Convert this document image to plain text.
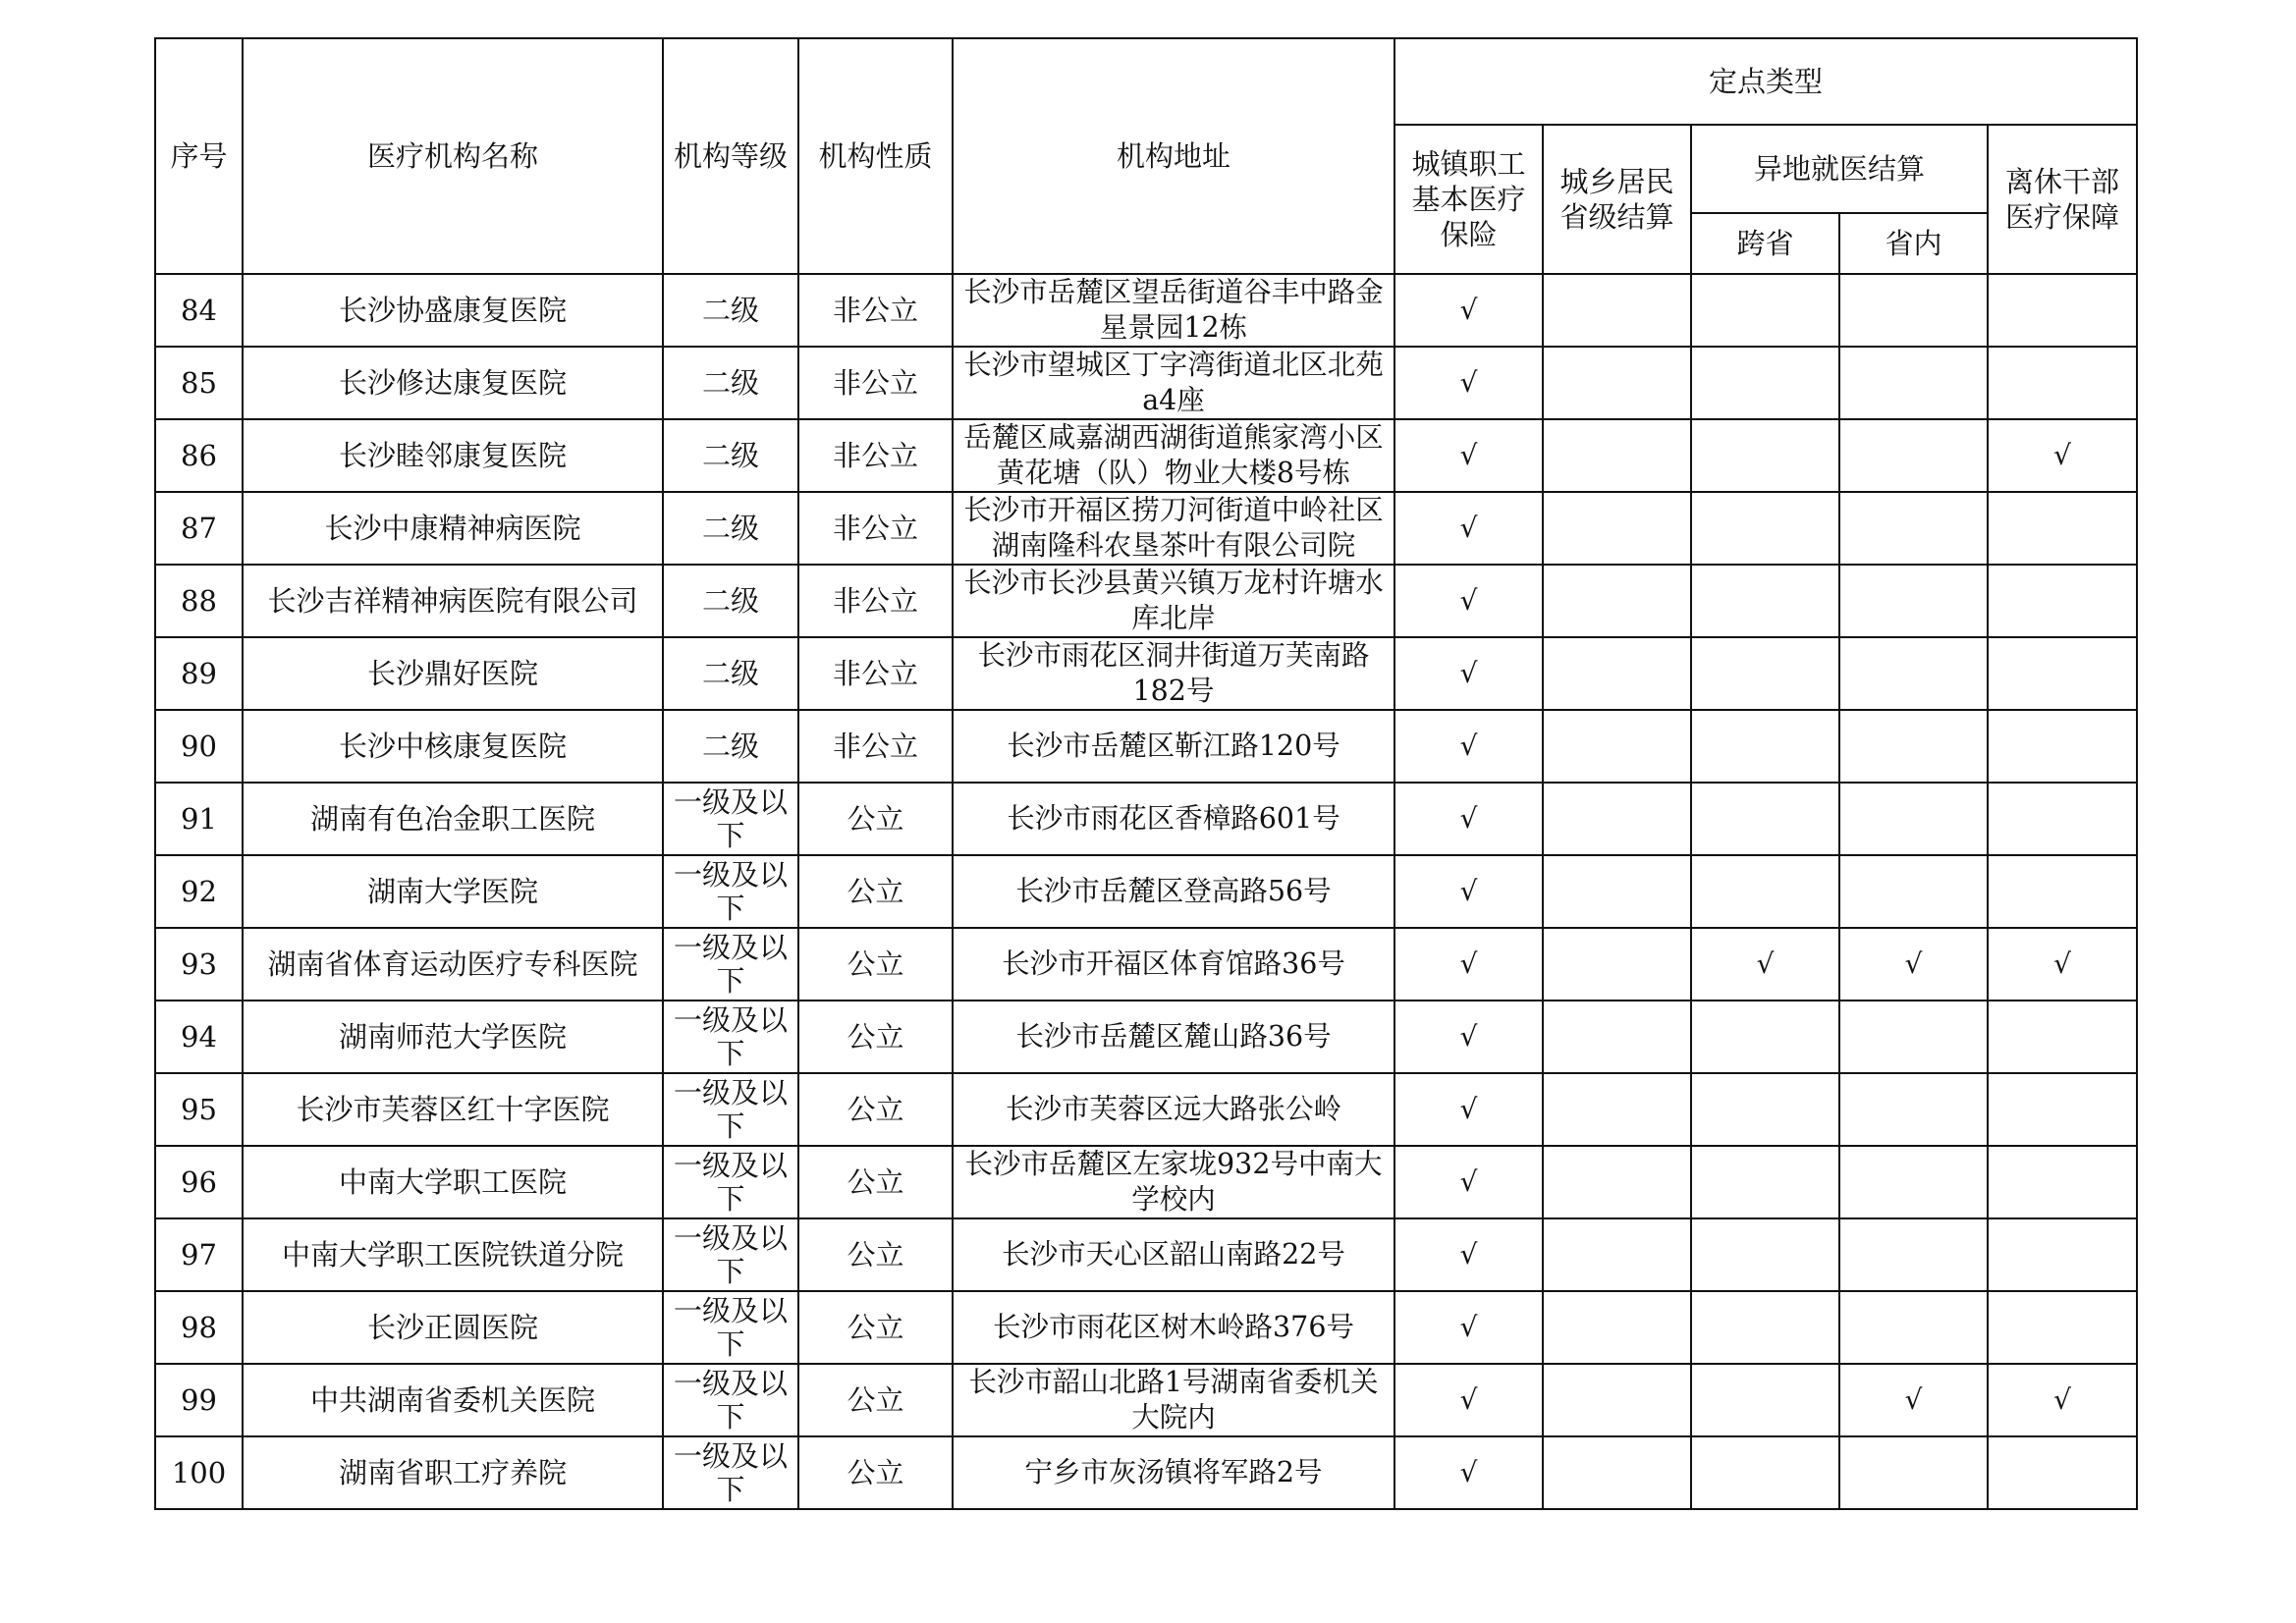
序号	医疗机构名称	机构等级	机构性质	机构地址	定点类型				
					城镇职工基本医疗保险	城乡居民省级结算	异地就医结算		离休干部医疗保障
							跨省	省内	
84	长沙协盛康复医院	二级	非公立	长沙市岳麓区望岳街道谷丰中路金星景园12栋	√				
85	长沙修达康复医院	二级	非公立	长沙市望城区丁字湾街道北区北苑a4座	√				
86	长沙睦邻康复医院	二级	非公立	岳麓区咸嘉湖西湖街道熊家湾小区黄花塘（队）物业大楼8号栋	√				√
87	长沙中康精神病医院	二级	非公立	长沙市开福区捞刀河街道中岭社区湖南隆科农垦茶叶有限公司院	√				
88	长沙吉祥精神病医院有限公司	二级	非公立	长沙市长沙县黄兴镇万龙村许塘水库北岸	√				
89	长沙鼎好医院	二级	非公立	长沙市雨花区洞井街道万芙南路182号	√				
90	长沙中核康复医院	二级	非公立	长沙市岳麓区靳江路120号	√				
91	湖南有色冶金职工医院	一级及以下	公立	长沙市雨花区香樟路601号	√				
92	湖南大学医院	一级及以下	公立	长沙市岳麓区登高路56号	√				
93	湖南省体育运动医疗专科医院	一级及以下	公立	长沙市开福区体育馆路36号	√		√	√	√
94	湖南师范大学医院	一级及以下	公立	长沙市岳麓区麓山路36号	√				
95	长沙市芙蓉区红十字医院	一级及以下	公立	长沙市芙蓉区远大路张公岭	√				
96	中南大学职工医院	一级及以下	公立	长沙市岳麓区左家垅932号中南大学校内	√				
97	中南大学职工医院铁道分院	一级及以下	公立	长沙市天心区韶山南路22号	√				
98	长沙正圆医院	一级及以下	公立	长沙市雨花区树木岭路376号	√				
99	中共湖南省委机关医院	一级及以下	公立	长沙市韶山北路1号湖南省委机关大院内	√			√	√
100	湖南省职工疗养院	一级及以下	公立	宁乡市灰汤镇将军路2号	√				
